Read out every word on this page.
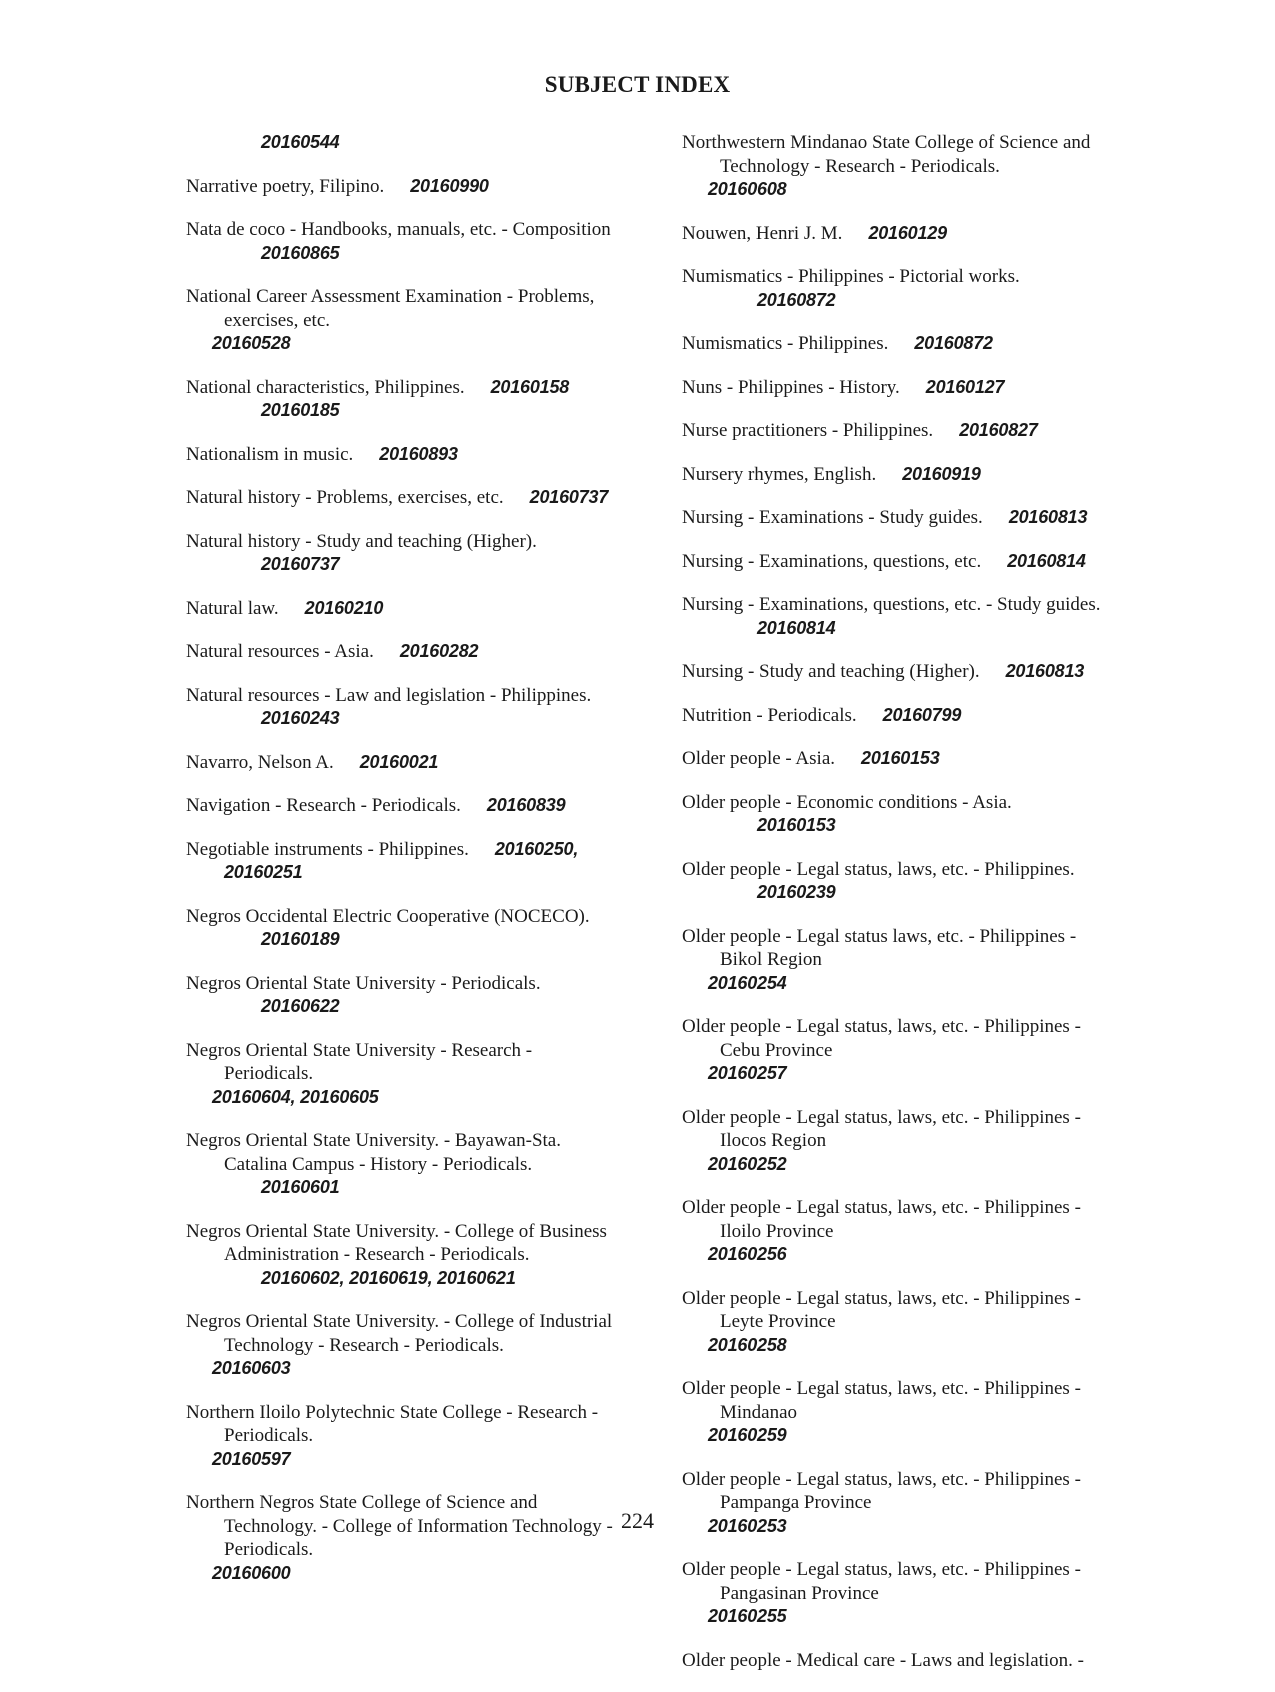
SUBJECT INDEX
20160544
Narrative poetry, Filipino. 20160990
Nata de coco - Handbooks, manuals, etc. - Composition
20160865
National Career Assessment Examination - Problems,
exercises, etc.
20160528
National characteristics, Philippines. 20160158
20160185
Nationalism in music. 20160893
Natural history - Problems, exercises, etc. 20160737
Natural history - Study and teaching (Higher).
20160737
Natural law. 20160210
Natural resources - Asia. 20160282
Natural resources - Law and legislation - Philippines.
20160243
Navarro, Nelson A. 20160021
Navigation - Research - Periodicals. 20160839
Negotiable instruments - Philippines. 20160250,
20160251
Negros Occidental Electric Cooperative (NOCECO).
20160189
Negros Oriental State University - Periodicals.
20160622
Negros Oriental State University - Research -
Periodicals.
20160604, 20160605
Negros Oriental State University. - Bayawan-Sta.
Catalina Campus - History - Periodicals.
20160601
Negros Oriental State University. - College of Business
Administration - Research - Periodicals.
20160602, 20160619, 20160621
Negros Oriental State University. - College of Industrial
Technology - Research - Periodicals.
20160603
Northern Iloilo Polytechnic State College - Research -
Periodicals.
20160597
Northern Negros State College of Science and
Technology. - College of Information Technology -
Periodicals.
20160600
Northwestern Mindanao State College of Science and
Technology - Research - Periodicals.
20160608
Nouwen, Henri J. M. 20160129
Numismatics - Philippines - Pictorial works.
20160872
Numismatics - Philippines. 20160872
Nuns - Philippines - History. 20160127
Nurse practitioners - Philippines. 20160827
Nursery rhymes, English. 20160919
Nursing - Examinations - Study guides. 20160813
Nursing - Examinations, questions, etc. 20160814
Nursing - Examinations, questions, etc. - Study guides.
20160814
Nursing - Study and teaching (Higher). 20160813
Nutrition - Periodicals. 20160799
Older people - Asia. 20160153
Older people - Economic conditions - Asia.
20160153
Older people - Legal status, laws, etc. - Philippines.
20160239
Older people - Legal status laws, etc. - Philippines -
Bikol Region
20160254
Older people - Legal status, laws, etc. - Philippines -
Cebu Province
20160257
Older people - Legal status, laws, etc. - Philippines -
Ilocos Region
20160252
Older people - Legal status, laws, etc. - Philippines -
Iloilo Province
20160256
Older people - Legal status, laws, etc. - Philippines -
Leyte Province
20160258
Older people - Legal status, laws, etc. - Philippines -
Mindanao
20160259
Older people - Legal status, laws, etc. - Philippines -
Pampanga Province
20160253
Older people - Legal status, laws, etc. - Philippines -
Pangasinan Province
20160255
Older people - Medical care - Laws and legislation. -
224
